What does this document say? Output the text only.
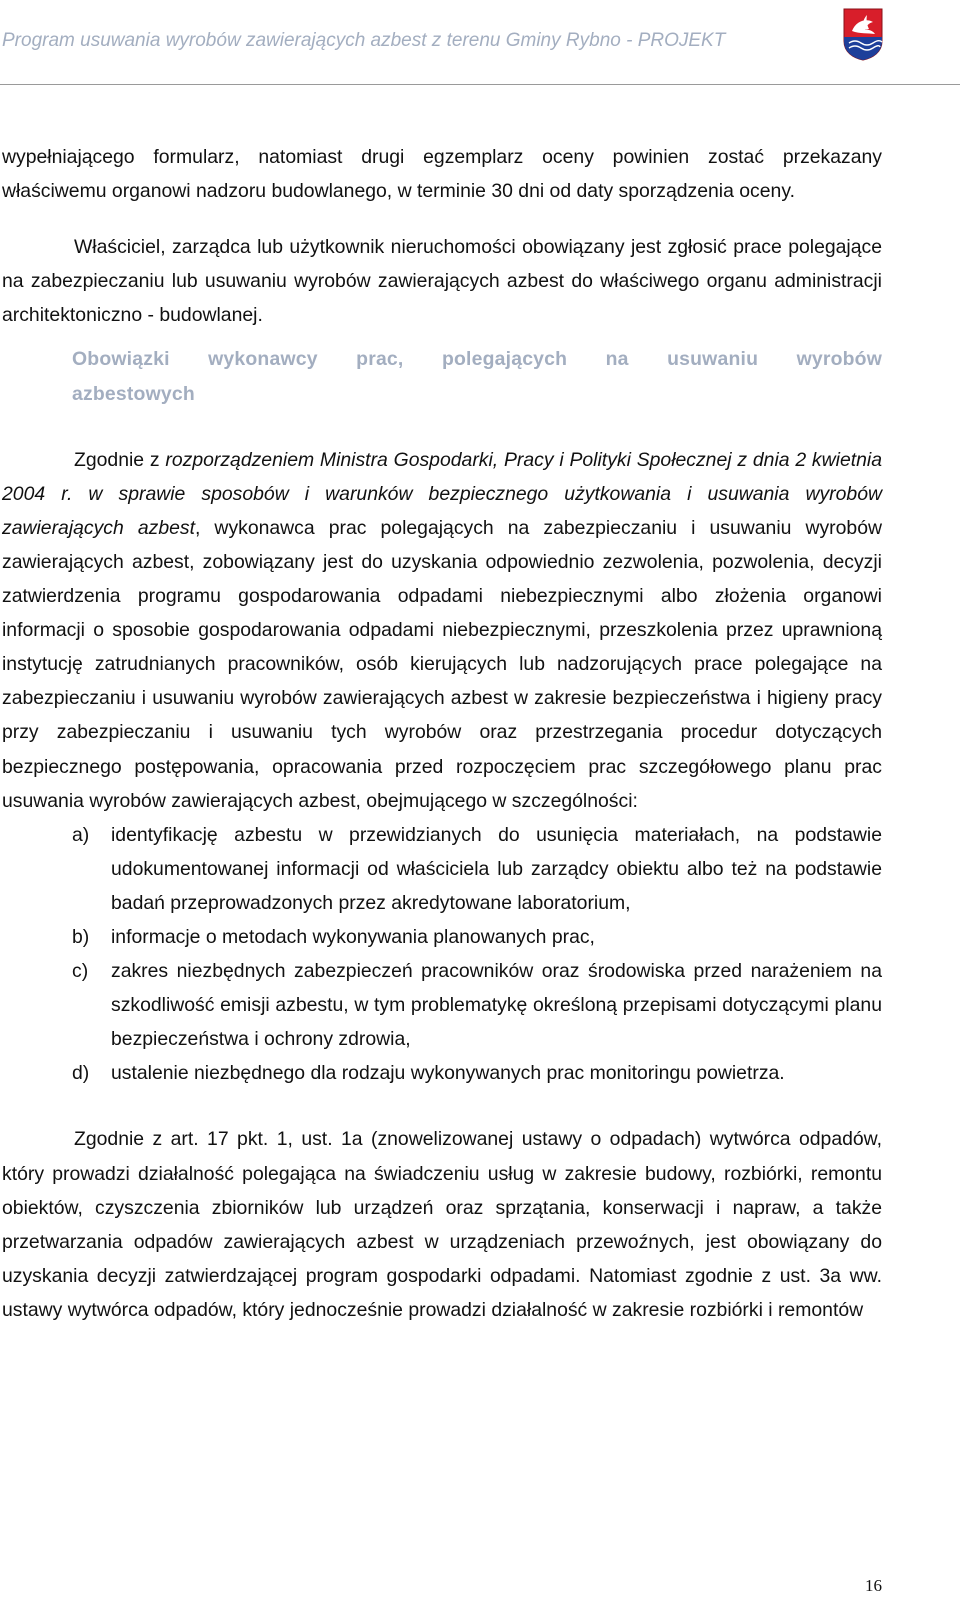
Program usuwania wyrobów zawierających azbest z terenu Gminy Rybno - PROJEKT

wypełniającego formularz, natomiast drugi egzemplarz oceny powinien zostać przekazany właściwemu organowi nadzoru budowlanego, w terminie 30 dni od daty sporządzenia oceny.

Właściciel, zarządca lub użytkownik nieruchomości obowiązany jest zgłosić prace polegające na zabezpieczaniu lub usuwaniu wyrobów zawierających azbest do właściwego organu administracji architektoniczno - budowlanej.

Obowiązki wykonawcy prac, polegających na usuwaniu wyrobów azbestowych

Zgodnie z rozporządzeniem Ministra Gospodarki, Pracy i Polityki Społecznej z dnia 2 kwietnia 2004 r. w sprawie sposobów i warunków bezpiecznego użytkowania i usuwania wyrobów zawierających azbest, wykonawca prac polegających na zabezpieczaniu i usuwaniu wyrobów zawierających azbest, zobowiązany jest do uzyskania odpowiednio zezwolenia, pozwolenia, decyzji zatwierdzenia programu gospodarowania odpadami niebezpiecznymi albo złożenia organowi informacji o sposobie gospodarowania odpadami niebezpiecznymi, przeszkolenia przez uprawnioną instytucję zatrudnianych pracowników, osób kierujących lub nadzorujących prace polegające na zabezpieczaniu i usuwaniu wyrobów zawierających azbest w zakresie bezpieczeństwa i higieny pracy przy zabezpieczaniu i usuwaniu tych wyrobów oraz przestrzegania procedur dotyczących bezpiecznego postępowania, opracowania przed rozpoczęciem prac szczegółowego planu prac usuwania wyrobów zawierających azbest, obejmującego w szczególności:

a) identyfikację azbestu w przewidzianych do usunięcia materiałach, na podstawie udokumentowanej informacji od właściciela lub zarządcy obiektu albo też na podstawie badań przeprowadzonych przez akredytowane laboratorium,
b) informacje o metodach wykonywania planowanych prac,
c) zakres niezbędnych zabezpieczeń pracowników oraz środowiska przed narażeniem na szkodliwość emisji azbestu, w tym problematykę określoną przepisami dotyczącymi planu bezpieczeństwa i ochrony zdrowia,
d) ustalenie niezbędnego dla rodzaju wykonywanych prac monitoringu powietrza.

Zgodnie z art. 17 pkt. 1, ust. 1a (znowelizowanej ustawy o odpadach) wytwórca odpadów, który prowadzi działalność polegająca na świadczeniu usług w zakresie budowy, rozbiórki, remontu obiektów, czyszczenia zbiorników lub urządzeń oraz sprzątania, konserwacji i napraw, a także przetwarzania odpadów zawierających azbest w urządzeniach przewoźnych, jest obowiązany do uzyskania decyzji zatwierdzającej program gospodarki odpadami. Natomiast zgodnie z ust. 3a ww. ustawy wytwórca odpadów, który jednocześnie prowadzi działalność w zakresie rozbiórki i remontów

16
